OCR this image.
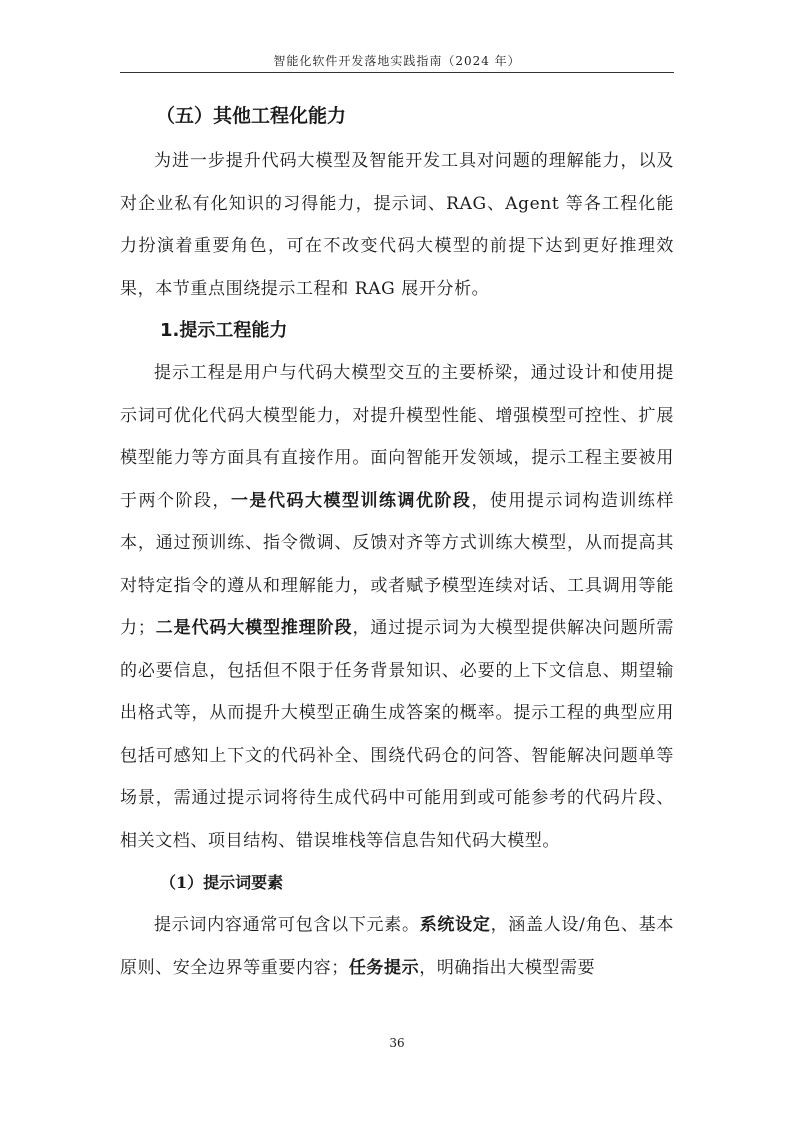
智能化软件开发落地实践指南（2024 年）
（五）其他工程化能力

为进一步提升代码大模型及智能开发工具对问题的理解能力，以及对企业私有化知识的习得能力，提示词、RAG、Agent 等各工程化能力扮演着重要角色，可在不改变代码大模型的前提下达到更好推理效果，本节重点围绕提示工程和 RAG 展开分析。

1.提示工程能力

提示工程是用户与代码大模型交互的主要桥梁，通过设计和使用提示词可优化代码大模型能力，对提升模型性能、增强模型可控性、扩展模型能力等方面具有直接作用。面向智能开发领域，提示工程主要被用于两个阶段，一是代码大模型训练调优阶段，使用提示词构造训练样本，通过预训练、指令微调、反馈对齐等方式训练大模型，从而提高其对特定指令的遵从和理解能力，或者赋予模型连续对话、工具调用等能力；二是代码大模型推理阶段，通过提示词为大模型提供解决问题所需的必要信息，包括但不限于任务背景知识、必要的上下文信息、期望输出格式等，从而提升大模型正确生成答案的概率。提示工程的典型应用包括可感知上下文的代码补全、围绕代码仓的问答、智能解决问题单等场景，需通过提示词将待生成代码中可能用到或可能参考的代码片段、相关文档、项目结构、错误堆栈等信息告知代码大模型。

（1）提示词要素

提示词内容通常可包含以下元素。系统设定，涵盖人设/角色、基本原则、安全边界等重要内容；任务提示，明确指出大模型需要

36
